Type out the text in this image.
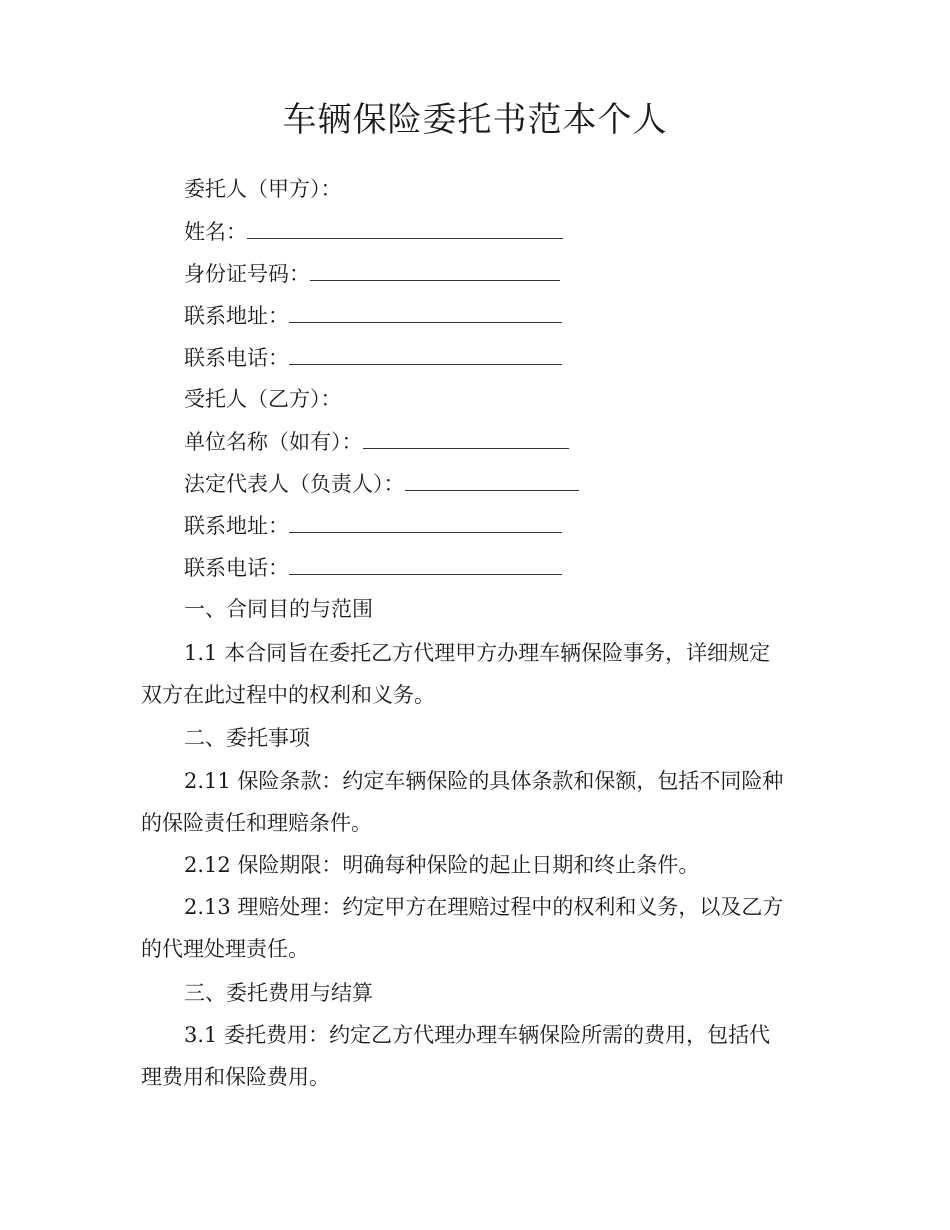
车辆保险委托书范本个人
委托人（甲方）：
姓名：
身份证号码：
联系地址：
联系电话：
受托人（乙方）：
单位名称（如有）：
法定代表人（负责人）：
联系地址：
联系电话：
一、合同目的与范围
1.1 本合同旨在委托乙方代理甲方办理车辆保险事务，详细规定
双方在此过程中的权利和义务。
二、委托事项
2.11 保险条款：约定车辆保险的具体条款和保额，包括不同险种
的保险责任和理赔条件。
2.12 保险期限：明确每种保险的起止日期和终止条件。
2.13 理赔处理：约定甲方在理赔过程中的权利和义务，以及乙方
的代理处理责任。
三、委托费用与结算
3.1 委托费用：约定乙方代理办理车辆保险所需的费用，包括代
理费用和保险费用。
